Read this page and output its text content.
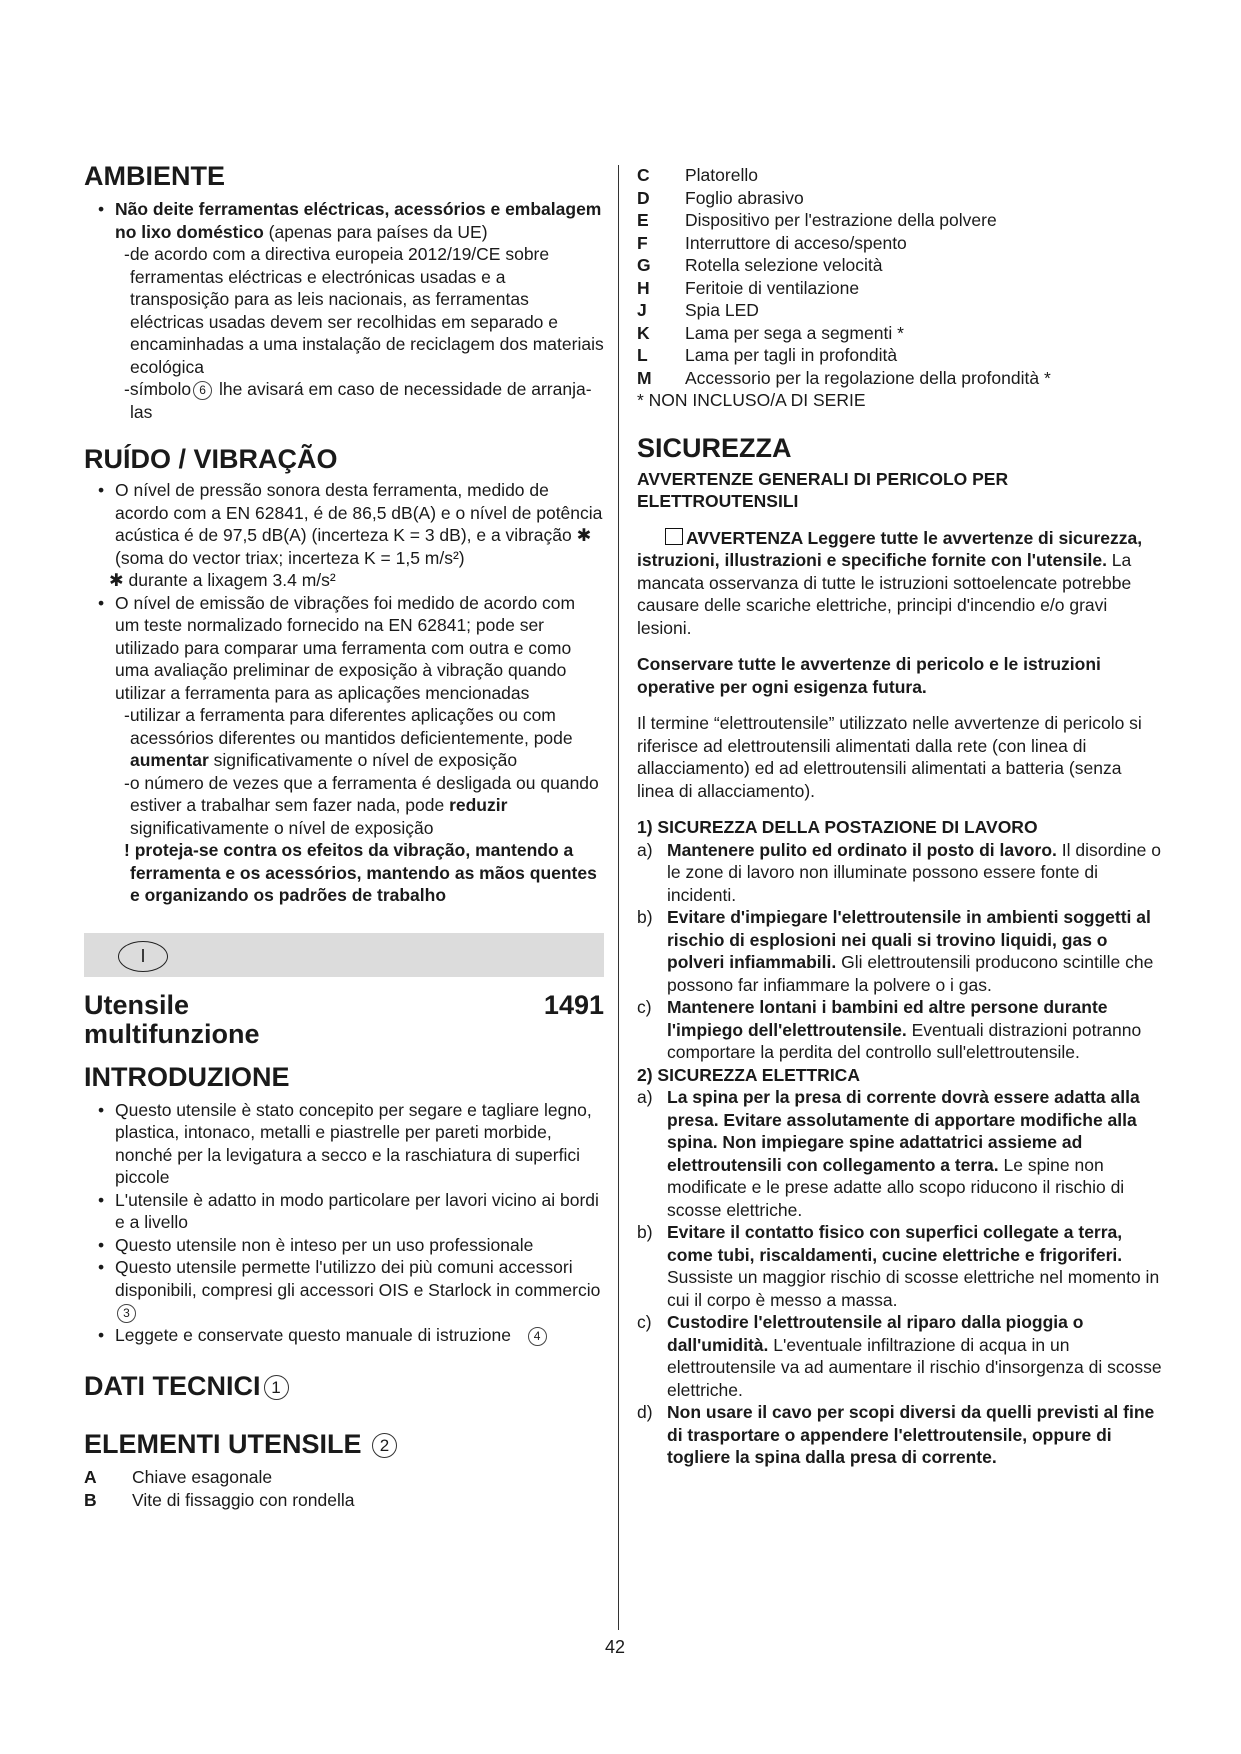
AMBIENTE

• Não deite ferramentas eléctricas, acessórios e embalagem no lixo doméstico (apenas para países da UE)

-de acordo com a directiva europeia 2012/19/CE sobre ferramentas eléctricas e electrónicas usadas e a transposição para as leis nacionais, as ferramentas eléctricas usadas devem ser recolhidas em separado e encaminhadas a uma instalação de reciclagem dos materiais ecológica

-símbolo 6 lhe avisará em caso de necessidade de arranja-las

RUÍDO / VIBRAÇÃO

• O nível de pressão sonora desta ferramenta, medido de acordo com a EN 62841, é de 86,5 dB(A) e o nível de potência acústica é de 97,5 dB(A) (incerteza K = 3 dB), e a vibração ✱ (soma do vector triax; incerteza K = 1,5 m/s²)

✱ durante a lixagem 3.4 m/s²

• O nível de emissão de vibrações foi medido de acordo com um teste normalizado fornecido na EN 62841; pode ser utilizado para comparar uma ferramenta com outra e como uma avaliação preliminar de exposição à vibração quando utilizar a ferramenta para as aplicações mencionadas

-utilizar a ferramenta para diferentes aplicações ou com acessórios diferentes ou mantidos deficientemente, pode aumentar significativamente o nível de exposição

-o número de vezes que a ferramenta é desligada ou quando estiver a trabalhar sem fazer nada, pode reduzir significativamente o nível de exposição

! proteja-se contra os efeitos da vibração, mantendo a ferramenta e os acessórios, mantendo as mãos quentes e organizando os padrões de trabalho

I
Utensile multifunzione
1491
INTRODUZIONE

• Questo utensile è stato concepito per segare e tagliare legno, plastica, intonaco, metalli e piastrelle per pareti morbide, nonché per la levigatura a secco e la raschiatura di superfici piccole

• L'utensile è adatto in modo particolare per lavori vicino ai bordi e a livello

• Questo utensile non è inteso per un uso professionale

• Questo utensile permette l'utilizzo dei più comuni accessori disponibili, compresi gli accessori OIS e Starlock in commercio 3

• Leggete e conservate questo manuale di istruzione 4

DATI TECNICI 1
ELEMENTI UTENSILE 2
A	Chiave esagonale
B	Vite di fissaggio con rondella
C	Platorello
D	Foglio abrasivo
E	Dispositivo per l'estrazione della polvere
F	Interruttore di acceso/spento
G	Rotella selezione velocità
H	Feritoie di ventilazione
J	Spia LED
K	Lama per sega a segmenti *
L	Lama per tagli in profondità
M	Accessorio per la regolazione della profondità *
* NON INCLUSO/A DI SERIE
SICUREZZA
AVVERTENZE GENERALI DI PERICOLO PER ELETTROUTENSILI

!AVVERTENZA Leggere tutte le avvertenze di sicurezza, istruzioni, illustrazioni e specifiche fornite con l'utensile. La mancata osservanza di tutte le istruzioni sottoelencate potrebbe causare delle scariche elettriche, principi d'incendio e/o gravi lesioni.

Conservare tutte le avvertenze di pericolo e le istruzioni operative per ogni esigenza futura.

Il termine “elettroutensile” utilizzato nelle avvertenze di pericolo si riferisce ad elettroutensili alimentati dalla rete (con linea di allacciamento) ed ad elettroutensili alimentati a batteria (senza linea di allacciamento).

1) SICUREZZA DELLA POSTAZIONE DI LAVORO

a) Mantenere pulito ed ordinato il posto di lavoro. Il disordine o le zone di lavoro non illuminate possono essere fonte di incidenti.

b) Evitare d'impiegare l'elettroutensile in ambienti soggetti al rischio di esplosioni nei quali si trovino liquidi, gas o polveri infiammabili. Gli elettroutensili producono scintille che possono far infiammare la polvere o i gas.

c) Mantenere lontani i bambini ed altre persone durante l'impiego dell'elettroutensile. Eventuali distrazioni potranno comportare la perdita del controllo sull'elettroutensile.

2) SICUREZZA ELETTRICA

a) La spina per la presa di corrente dovrà essere adatta alla presa. Evitare assolutamente di apportare modifiche alla spina. Non impiegare spine adattatrici assieme ad elettroutensili con collegamento a terra. Le spine non modificate e le prese adatte allo scopo riducono il rischio di scosse elettriche.

b) Evitare il contatto fisico con superfici collegate a terra, come tubi, riscaldamenti, cucine elettriche e frigoriferi. Sussiste un maggior rischio di scosse elettriche nel momento in cui il corpo è messo a massa.

c) Custodire l'elettroutensile al riparo dalla pioggia o dall'umidità. L'eventuale infiltrazione di acqua in un elettroutensile va ad aumentare il rischio d'insorgenza di scosse elettriche.

d) Non usare il cavo per scopi diversi da quelli previsti al fine di trasportare o appendere l'elettroutensile, oppure di togliere la spina dalla presa di corrente.

42
